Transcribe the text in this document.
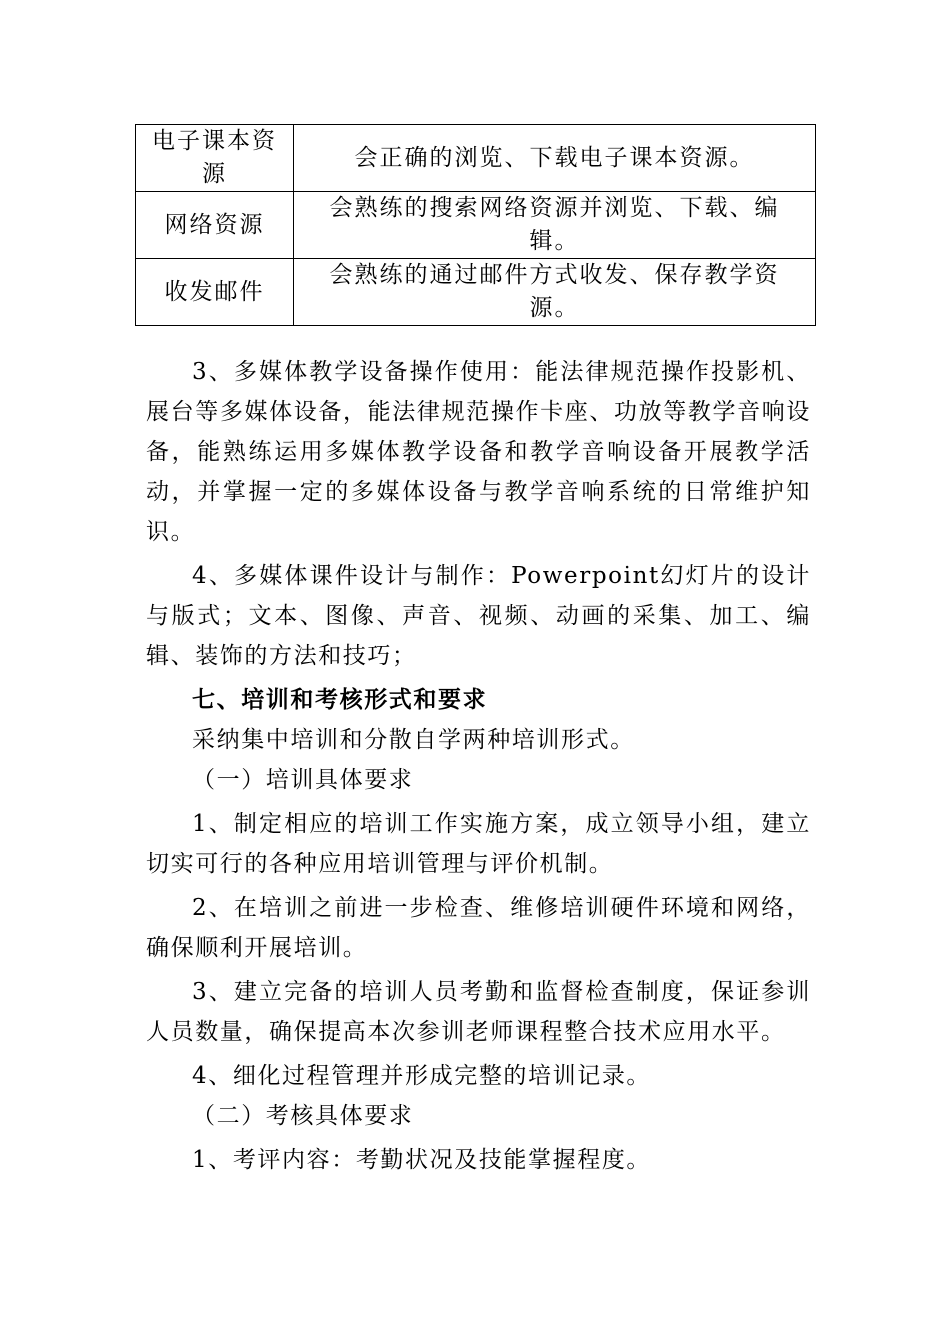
电子课本资源	会正确的浏览、下载电子课本资源。
网络资源	会熟练的搜索网络资源并浏览、下载、编辑。
收发邮件	会熟练的通过邮件方式收发、保存教学资源。

3、多媒体教学设备操作使用：能法律规范操作投影机、展台等多媒体设备，能法律规范操作卡座、功放等教学音响设备，能熟练运用多媒体教学设备和教学音响设备开展教学活动，并掌握一定的多媒体设备与教学音响系统的日常维护知识。

4、多媒体课件设计与制作：Powerpoint幻灯片的设计与版式；文本、图像、声音、视频、动画的采集、加工、编辑、装饰的方法和技巧；

七、培训和考核形式和要求

采纳集中培训和分散自学两种培训形式。

（一）培训具体要求

1、制定相应的培训工作实施方案，成立领导小组，建立切实可行的各种应用培训管理与评价机制。

2、在培训之前进一步检查、维修培训硬件环境和网络，确保顺利开展培训。

3、建立完备的培训人员考勤和监督检查制度，保证参训人员数量，确保提高本次参训老师课程整合技术应用水平。

4、细化过程管理并形成完整的培训记录。

（二）考核具体要求

1、考评内容：考勤状况及技能掌握程度。
